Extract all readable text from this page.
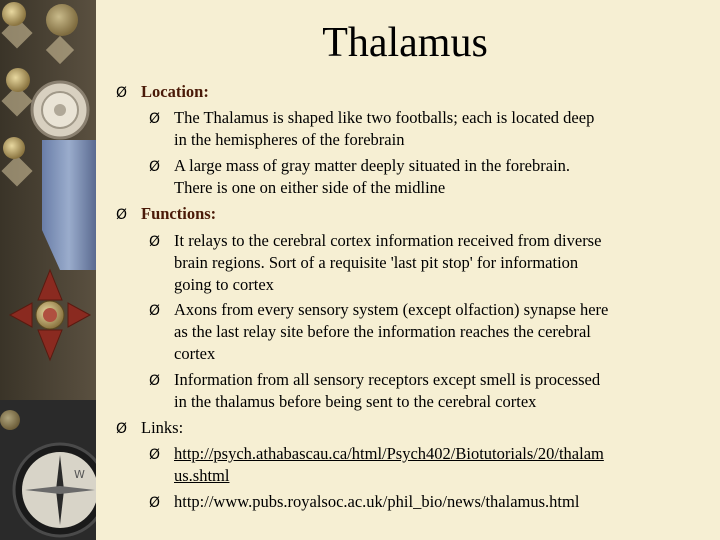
W
Thalamus
Ø Location:
Ø The Thalamus is shaped like two footballs; each is located deep
in the hemispheres of the forebrain
Ø A large mass of gray matter deeply situated in the forebrain.
There is one on either side of the midline
Ø Functions:
Ø It relays to the cerebral cortex information received from diverse
brain regions. Sort of a requisite 'last pit stop' for information
going to cortex
Ø Axons from every sensory system (except olfaction) synapse here
as the last relay site before the information reaches the cerebral
cortex
Ø Information from all sensory receptors except smell is processed
in the thalamus before being sent to the cerebral cortex
Ø Links:
Ø http://psych.athabascau.ca/html/Psych402/Biotutorials/20/thalam
us.shtml
Ø http://www.pubs.royalsoc.ac.uk/phil_bio/news/thalamus.html
